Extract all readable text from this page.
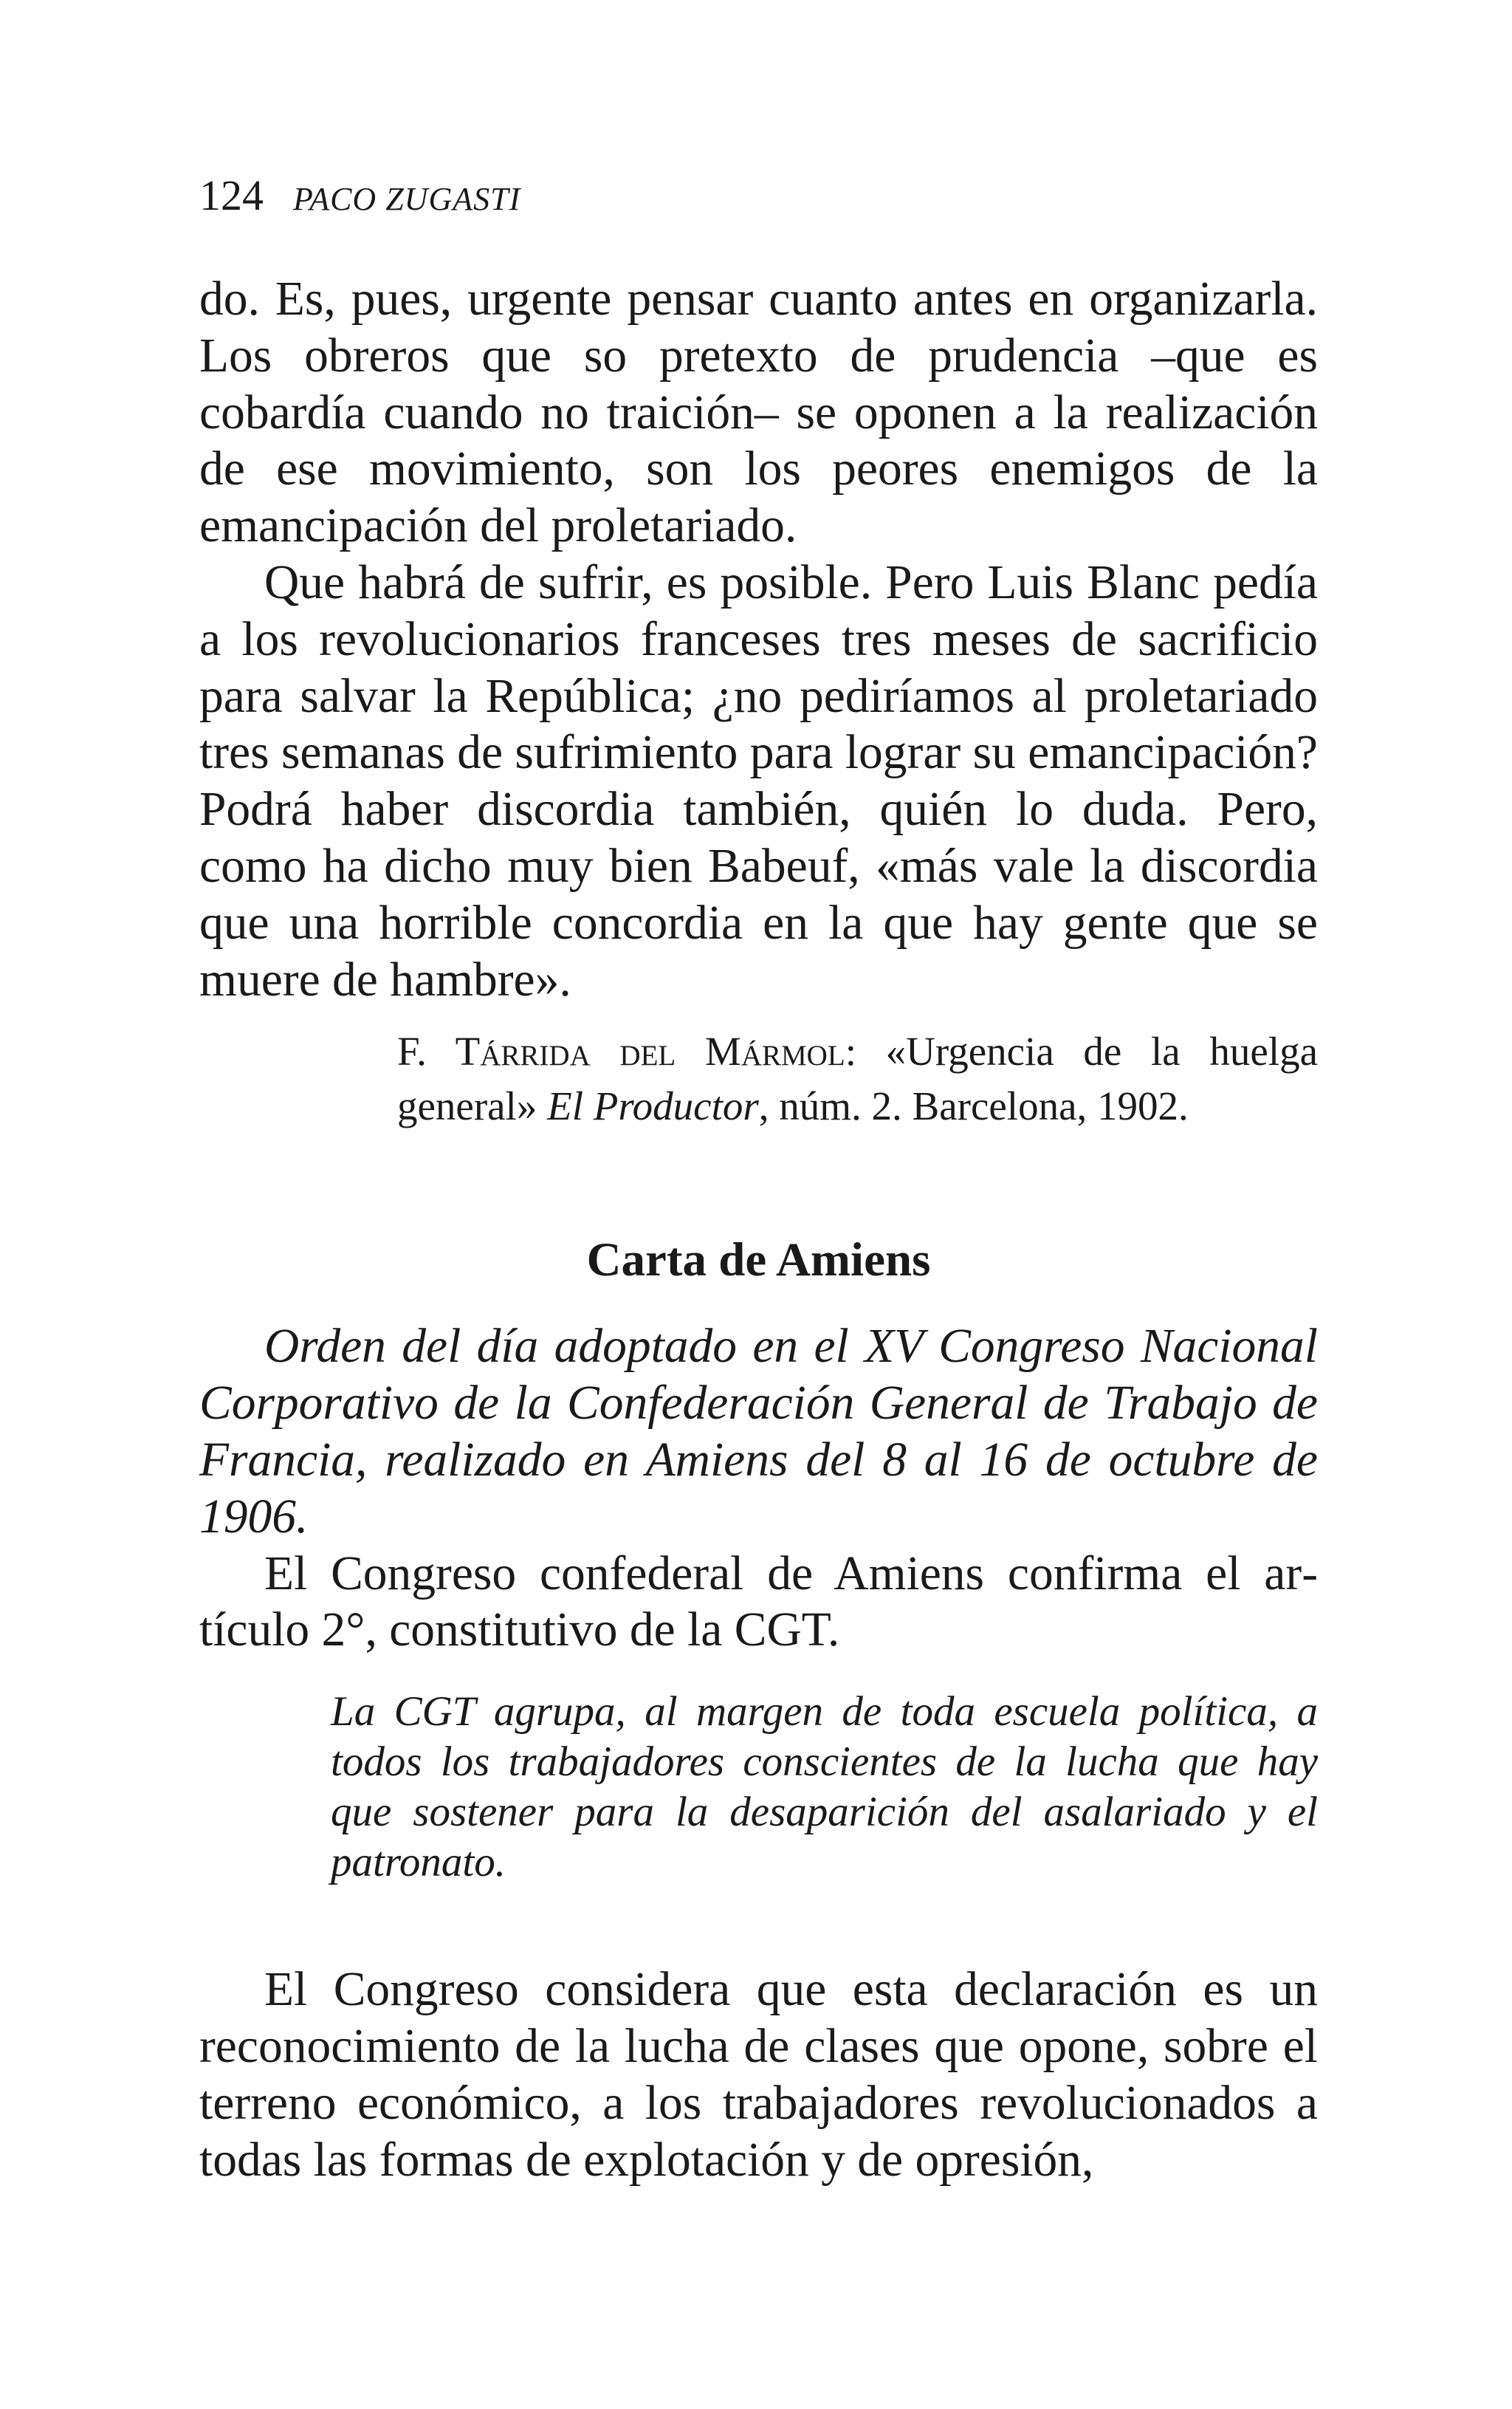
124 PACO ZUGASTI

do. Es, pues, urgente pensar cuanto antes en organizarla. Los obreros que so pretexto de prudencia –que es cobardía cuando no traición– se oponen a la realización de ese movimiento, son los peores enemigos de la emancipación del proletariado.

Que habrá de sufrir, es posible. Pero Luis Blanc pedía a los revolucionarios franceses tres meses de sacrificio para salvar la República; ¿no pediríamos al proletariado tres semanas de sufrimiento para lograr su emancipación? Podrá haber discordia también, quién lo duda. Pero, como ha dicho muy bien Babeuf, «más vale la discordia que una horrible concordia en la que hay gente que se muere de hambre».

F. Tárrida del Mármol: «Urgencia de la huelga general» El Productor, núm. 2. Barcelona, 1902.
Carta de Amiens

Orden del día adoptado en el XV Congreso Nacional Corporativo de la Confederación General de Trabajo de Francia, realizado en Amiens del 8 al 16 de octubre de 1906.

El Congreso confederal de Amiens confirma el artículo 2°, constitutivo de la CGT.

La CGT agrupa, al margen de toda escuela política, a todos los trabajadores conscientes de la lucha que hay que sostener para la desaparición del asalariado y el patronato.

El Congreso considera que esta declaración es un reconocimiento de la lucha de clases que opone, sobre el terreno económico, a los trabajadores revolucionados a todas las formas de explotación y de opresión,
